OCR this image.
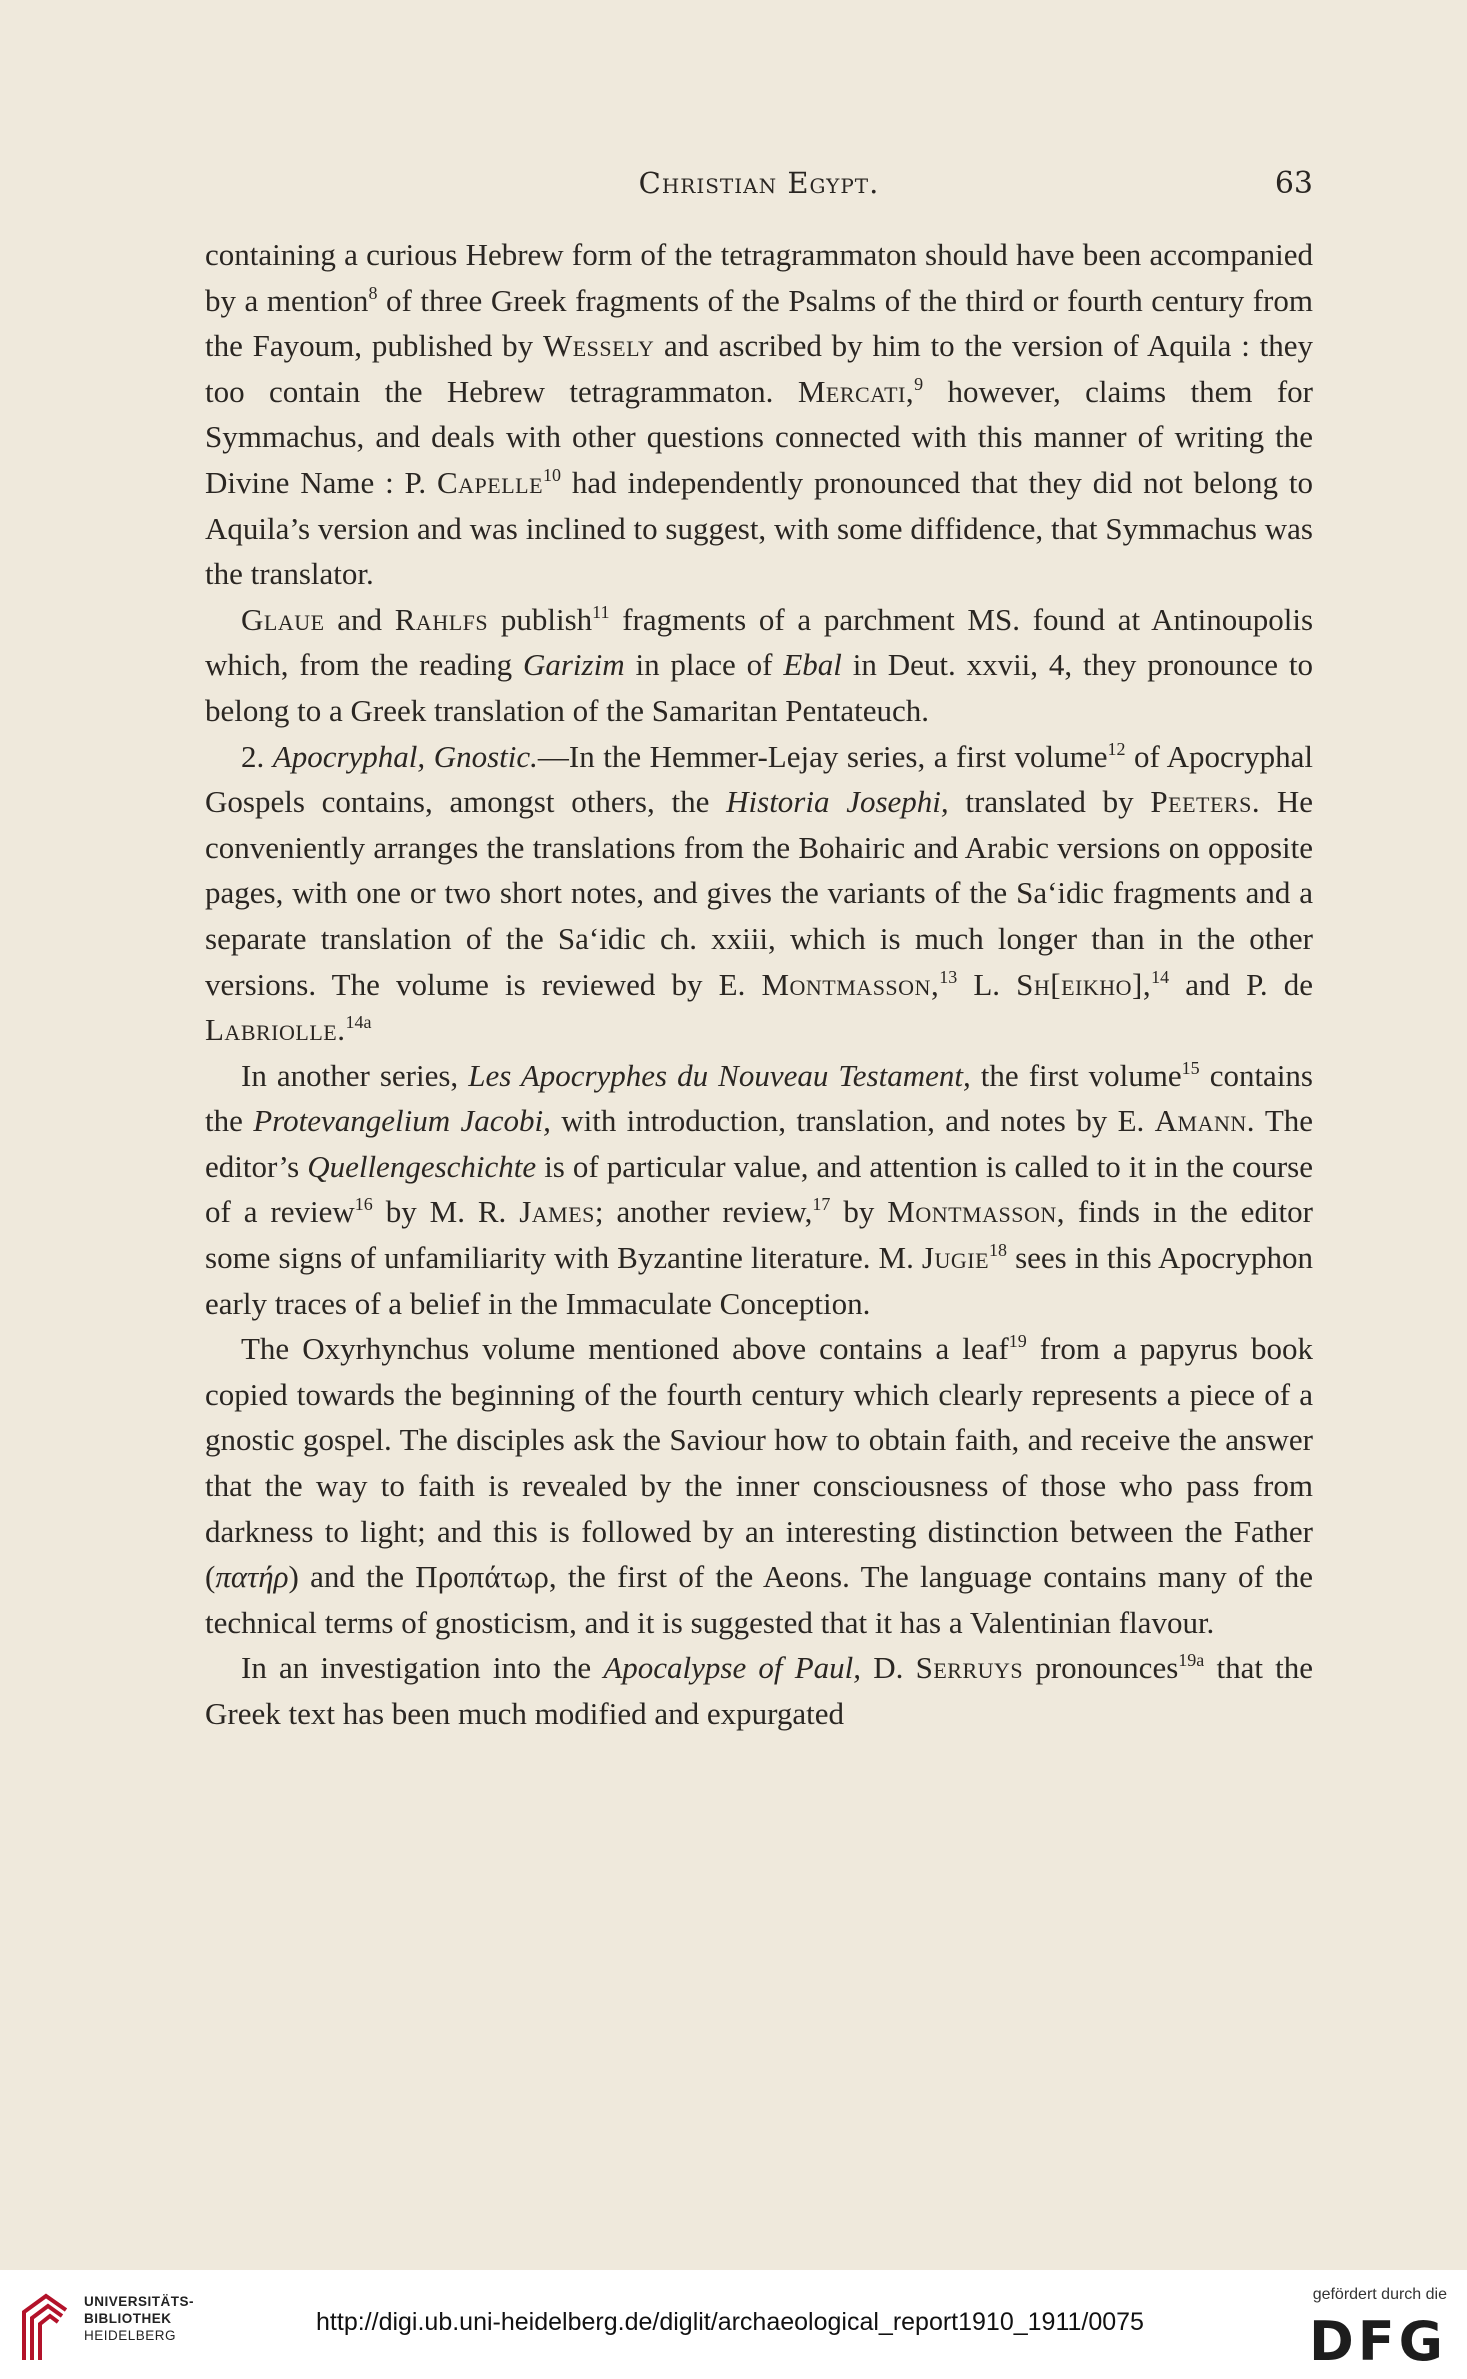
Christian Egypt.	63

containing a curious Hebrew form of the tetragrammaton should have been accompanied by a mention$^8$ of three Greek fragments of the Psalms of the third or fourth century from the Fayoum, published by Wessely and ascribed by him to the version of Aquila : they too contain the Hebrew tetragrammaton. Mercati,$^9$ however, claims them for Symmachus, and deals with other questions connected with this manner of writing the Divine Name : P. Capelle$^{10}$ had independently pronounced that they did not belong to Aquila’s version and was inclined to suggest, with some diffidence, that Symmachus was the translator.

Glaue and Rahlfs publish$^{11}$ fragments of a parchment MS. found at Antinoupolis which, from the reading Garizim in place of Ebal in Deut. xxvii, 4, they pronounce to belong to a Greek translation of the Samaritan Pentateuch.

2. Apocryphal, Gnostic.—In the Hemmer-Lejay series, a first volume$^{12}$ of Apocryphal Gospels contains, amongst others, the Historia Josephi, translated by Peeters. He conveniently arranges the translations from the Bohairic and Arabic versions on opposite pages, with one or two short notes, and gives the variants of the Sa‘idic fragments and a separate translation of the Sa‘idic ch. xxiii, which is much longer than in the other versions. The volume is reviewed by E. Montmasson,$^{13}$ L. Sh[eikho],$^{14}$ and P. de Labriolle.$^{14a}$

In another series, Les Apocryphes du Nouveau Testament, the first volume$^{15}$ contains the Protevangelium Jacobi, with introduction, translation, and notes by E. Amann. The editor’s Quellengeschichte is of particular value, and attention is called to it in the course of a review$^{16}$ by M. R. James; another review,$^{17}$ by Montmasson, finds in the editor some signs of unfamiliarity with Byzantine literature. M. Jugie$^{18}$ sees in this Apocryphon early traces of a belief in the Immaculate Conception.

The Oxyrhynchus volume mentioned above contains a leaf$^{19}$ from a papyrus book copied towards the beginning of the fourth century which clearly represents a piece of a gnostic gospel. The disciples ask the Saviour how to obtain faith, and receive the answer that the way to faith is revealed by the inner consciousness of those who pass from darkness to light; and this is followed by an interesting distinction between the Father (πατήρ) and the Προπάτωρ, the first of the Aeons. The language contains many of the technical terms of gnosticism, and it is suggested that it has a Valentinian flavour.

In an investigation into the Apocalypse of Paul, D. Serruys pronounces$^{19a}$ that the Greek text has been much modified and expurgated

UNIVERSITÄTS-
BIBLIOTHEK
HEIDELBERG	http://digi.ub.uni-heidelberg.de/diglit/archaeological_report1910_1911/0075
gefördert durch die
DFG
